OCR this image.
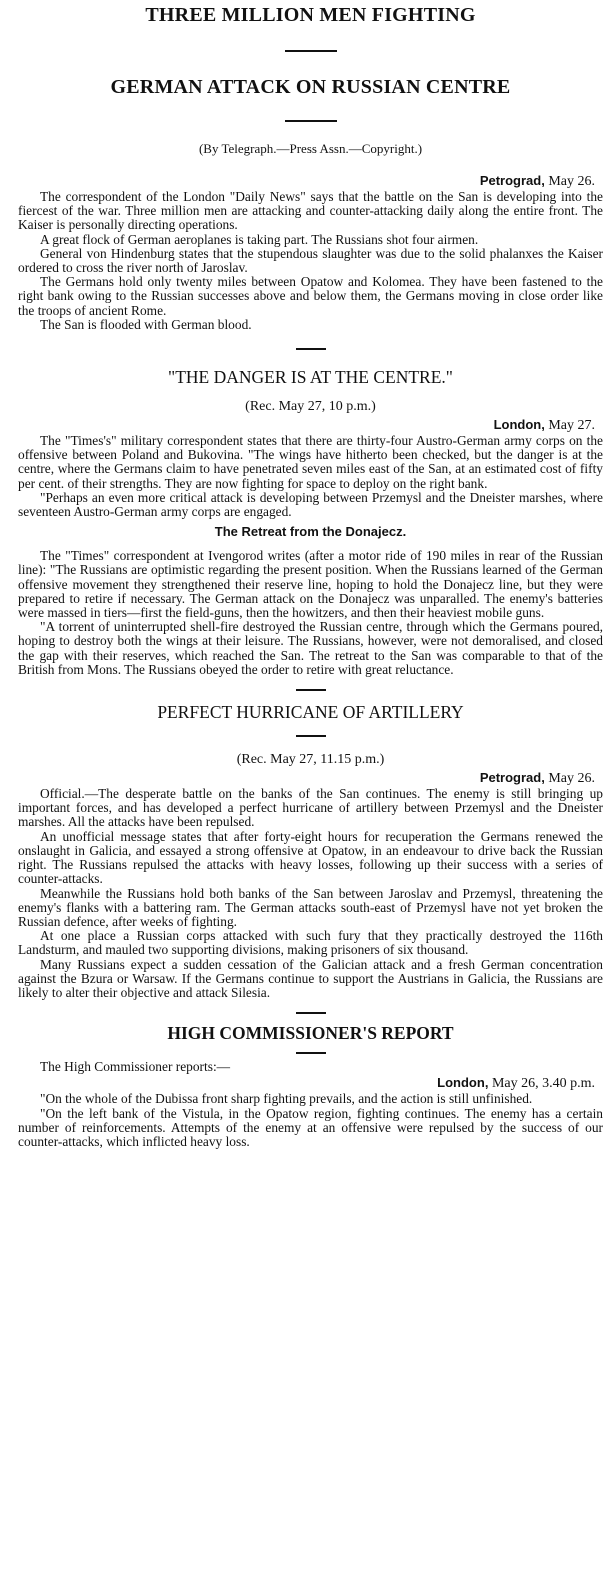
THREE MILLION MEN FIGHTING
GERMAN ATTACK ON RUSSIAN CENTRE
(By Telegraph.—Press Assn.—Copyright.)
Petrograd, May 26.

The correspondent of the London "Daily News" says that the battle on the San is developing into the fiercest of the war. Three million men are attacking and counter-attacking daily along the entire front. The Kaiser is personally directing operations.

A great flock of German aeroplanes is taking part. The Russians shot four airmen.

General von Hindenburg states that the stupendous slaughter was due to the solid phalanxes the Kaiser ordered to cross the river north of Jaroslav.

The Germans hold only twenty miles between Opatow and Kolomea. They have been fastened to the right bank owing to the Russian successes above and below them, the Germans moving in close order like the troops of ancient Rome.

The San is flooded with German blood.

"THE DANGER IS AT THE CENTRE."
(Rec. May 27, 10 p.m.)
London, May 27.

The "Times's" military correspondent states that there are thirty-four Austro-German army corps on the offensive between Poland and Bukovina. "The wings have hitherto been checked, but the danger is at the centre, where the Germans claim to have penetrated seven miles east of the San, at an estimated cost of fifty per cent. of their strengths. They are now fighting for space to deploy on the right bank.

"Perhaps an even more critical attack is developing between Przemysl and the Dneister marshes, where seventeen Austro-German army corps are engaged.

The Retreat from the Donajecz.

The "Times" correspondent at Ivengorod writes (after a motor ride of 190 miles in rear of the Russian line): "The Russians are optimistic regarding the present position. When the Russians learned of the German offensive movement they strengthened their reserve line, hoping to hold the Donajecz line, but they were prepared to retire if necessary. The German attack on the Donajecz was unparalled. The enemy's batteries were massed in tiers—first the field-guns, then the howitzers, and then their heaviest mobile guns.

"A torrent of uninterrupted shell-fire destroyed the Russian centre, through which the Germans poured, hoping to destroy both the wings at their leisure. The Russians, however, were not demoralised, and closed the gap with their reserves, which reached the San. The retreat to the San was comparable to that of the British from Mons. The Russians obeyed the order to retire with great reluctance.

PERFECT HURRICANE OF ARTILLERY
(Rec. May 27, 11.15 p.m.)
Petrograd, May 26.

Official.—The desperate battle on the banks of the San continues. The enemy is still bringing up important forces, and has developed a perfect hurricane of artillery between Przemysl and the Dneister marshes. All the attacks have been repulsed.

An unofficial message states that after forty-eight hours for recuperation the Germans renewed the onslaught in Galicia, and essayed a strong offensive at Opatow, in an endeavour to drive back the Russian right. The Russians repulsed the attacks with heavy losses, following up their success with a series of counter-attacks.

Meanwhile the Russians hold both banks of the San between Jaroslav and Przemysl, threatening the enemy's flanks with a battering ram. The German attacks south-east of Przemysl have not yet broken the Russian defence, after weeks of fighting.

At one place a Russian corps attacked with such fury that they practically destroyed the 116th Landsturm, and mauled two supporting divisions, making prisoners of six thousand.

Many Russians expect a sudden cessation of the Galician attack and a fresh German concentration against the Bzura or Warsaw. If the Germans continue to support the Austrians in Galicia, the Russians are likely to alter their objective and attack Silesia.

HIGH COMMISSIONER'S REPORT

The High Commissioner reports:—

London, May 26, 3.40 p.m.

"On the whole of the Dubissa front sharp fighting prevails, and the action is still unfinished.

"On the left bank of the Vistula, in the Opatow region, fighting continues. The enemy has a certain number of reinforcements. Attempts of the enemy at an offensive were repulsed by the success of our counter-attacks, which inflicted heavy loss.
